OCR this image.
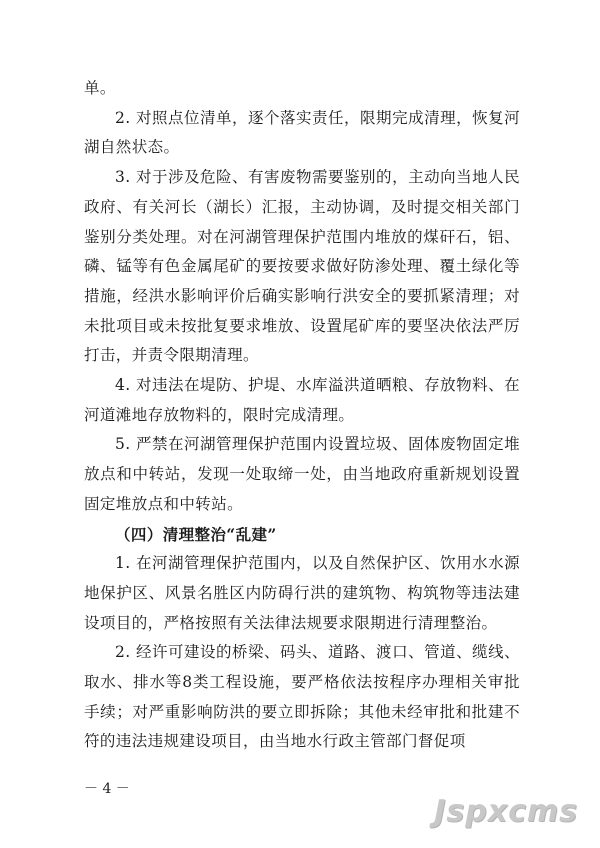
单。

2. 对照点位清单，逐个落实责任，限期完成清理，恢复河湖自然状态。

3. 对于涉及危险、有害废物需要鉴别的，主动向当地人民政府、有关河长（湖长）汇报，主动协调，及时提交相关部门鉴别分类处理。对在河湖管理保护范围内堆放的煤矸石，铝、磷、锰等有色金属尾矿的要按要求做好防渗处理、覆土绿化等措施，经洪水影响评价后确实影响行洪安全的要抓紧清理；对未批项目或未按批复要求堆放、设置尾矿库的要坚决依法严厉打击，并责令限期清理。

4. 对违法在堤防、护堤、水库溢洪道晒粮、存放物料、在河道滩地存放物料的，限时完成清理。

5. 严禁在河湖管理保护范围内设置垃圾、固体废物固定堆放点和中转站，发现一处取缔一处，由当地政府重新规划设置固定堆放点和中转站。

（四）清理整治“乱建”

1. 在河湖管理保护范围内，以及自然保护区、饮用水水源地保护区、风景名胜区内防碍行洪的建筑物、构筑物等违法建设项目的，严格按照有关法律法规要求限期进行清理整治。

2. 经许可建设的桥梁、码头、道路、渡口、管道、缆线、取水、排水等8类工程设施，要严格依法按程序办理相关审批手续；对严重影响防洪的要立即拆除；其他未经审批和批建不符的违法违规建设项目，由当地水行政主管部门督促项

－ 4 －
Jspxcms
